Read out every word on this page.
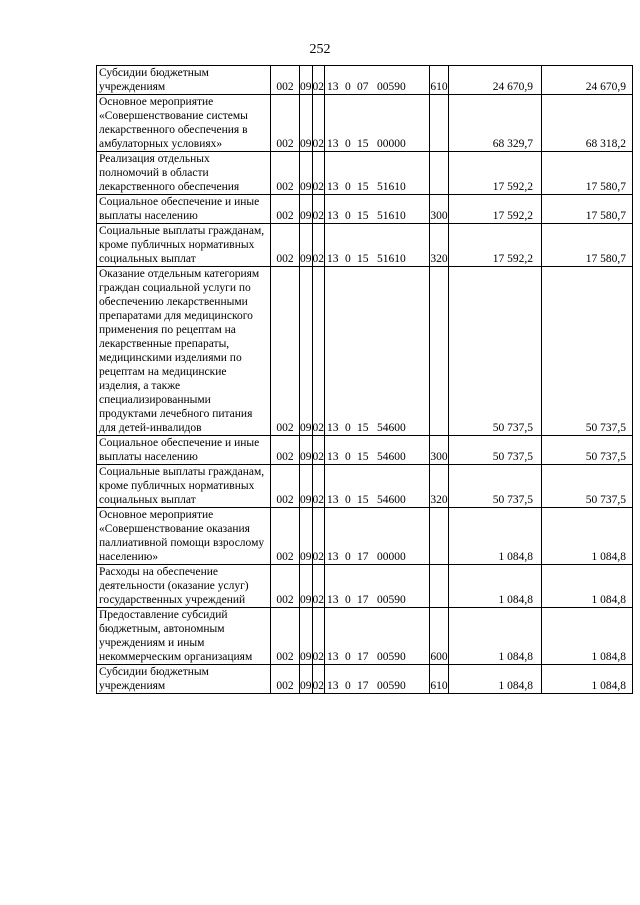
252
Субсидии бюджетным учреждениям	002	09	02	13 0 07 00590	610	24 670,9	24 670,9
Основное мероприятие «Совершенствование системы лекарственного обеспечения в амбулаторных условиях»	002	09	02	13 0 15 00000		68 329,7	68 318,2
Реализация отдельных полномочий в области лекарственного обеспечения	002	09	02	13 0 15 51610		17 592,2	17 580,7
Социальное обеспечение и иные выплаты населению	002	09	02	13 0 15 51610	300	17 592,2	17 580,7
Социальные выплаты гражданам, кроме публичных нормативных социальных выплат	002	09	02	13 0 15 51610	320	17 592,2	17 580,7
Оказание отдельным категориям граждан социальной услуги по обеспечению лекарственными препаратами для медицинского применения по рецептам на лекарственные препараты, медицинскими изделиями по рецептам на медицинские изделия, а также специализированными продуктами лечебного питания для детей-инвалидов	002	09	02	13 0 15 54600		50 737,5	50 737,5
Социальное обеспечение и иные выплаты населению	002	09	02	13 0 15 54600	300	50 737,5	50 737,5
Социальные выплаты гражданам, кроме публичных нормативных социальных выплат	002	09	02	13 0 15 54600	320	50 737,5	50 737,5
Основное мероприятие «Совершенствование оказания паллиативной помощи взрослому населению»	002	09	02	13 0 17 00000		1 084,8	1 084,8
Расходы на обеспечение деятельности (оказание услуг) государственных учреждений	002	09	02	13 0 17 00590		1 084,8	1 084,8
Предоставление субсидий бюджетным, автономным учреждениям и иным некоммерческим организациям	002	09	02	13 0 17 00590	600	1 084,8	1 084,8
Субсидии бюджетным учреждениям	002	09	02	13 0 17 00590	610	1 084,8	1 084,8
